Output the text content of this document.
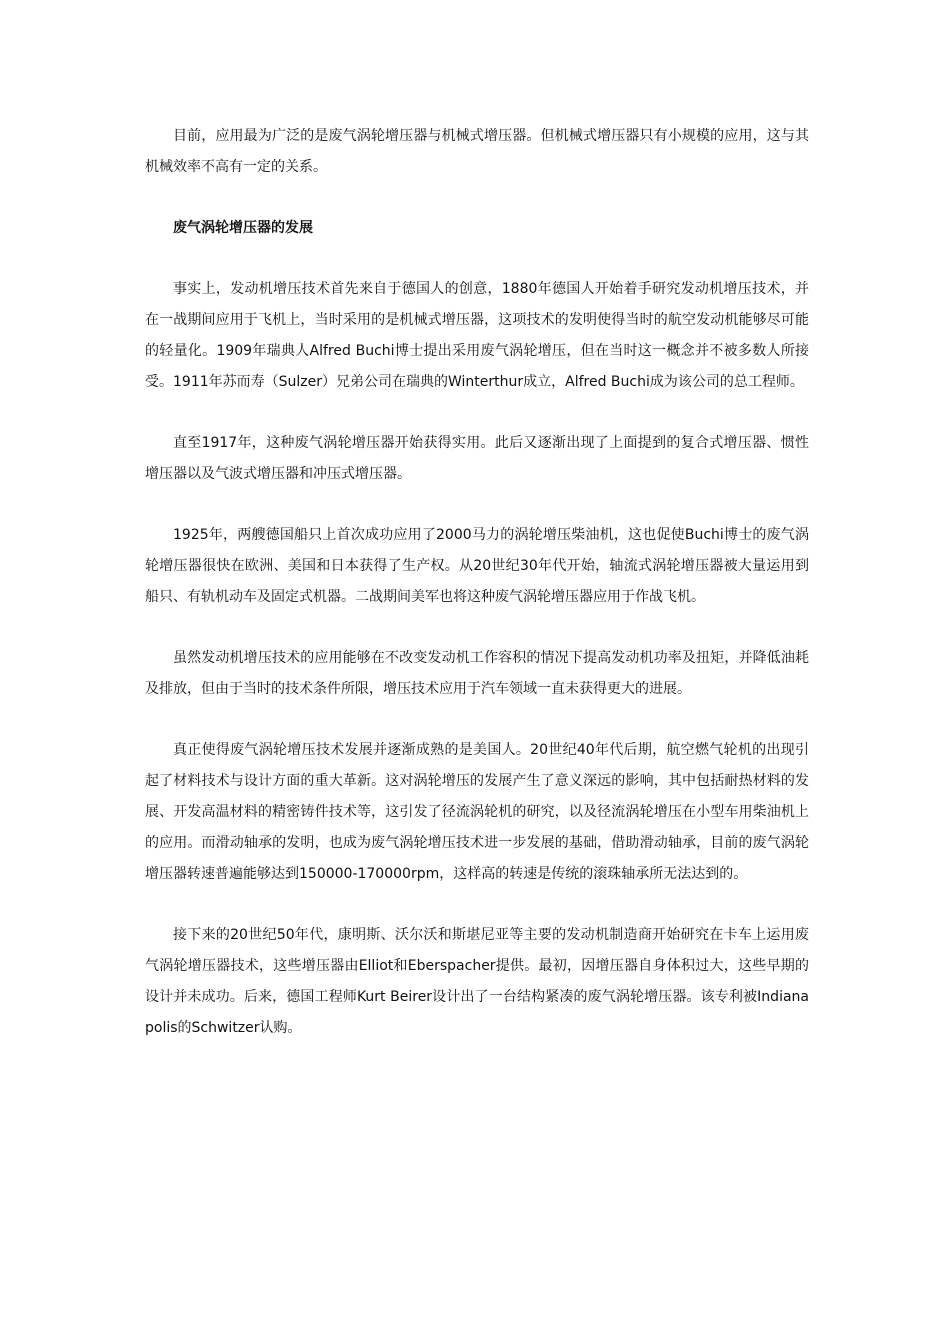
目前，应用最为广泛的是废气涡轮增压器与机械式增压器。但机械式增压器只有小规模的应用，这与其机械效率不高有一定的关系。

废气涡轮增压器的发展

事实上，发动机增压技术首先来自于德国人的创意，1880年德国人开始着手研究发动机增压技术，并在一战期间应用于飞机上，当时采用的是机械式增压器，这项技术的发明使得当时的航空发动机能够尽可能的轻量化。1909年瑞典人Alfred Buchi博士提出采用废气涡轮增压，但在当时这一概念并不被多数人所接受。1911年苏而寿（Sulzer）兄弟公司在瑞典的Winterthur成立，Alfred Buchi成为该公司的总工程师。

直至1917年，这种废气涡轮增压器开始获得实用。此后又逐渐出现了上面提到的复合式增压器、惯性增压器以及气波式增压器和冲压式增压器。

1925年，两艘德国船只上首次成功应用了2000马力的涡轮增压柴油机，这也促使Buchi博士的废气涡轮增压器很快在欧洲、美国和日本获得了生产权。从20世纪30年代开始，轴流式涡轮增压器被大量运用到船只、有轨机动车及固定式机器。二战期间美军也将这种废气涡轮增压器应用于作战飞机。

虽然发动机增压技术的应用能够在不改变发动机工作容积的情况下提高发动机功率及扭矩，并降低油耗及排放，但由于当时的技术条件所限，增压技术应用于汽车领域一直未获得更大的进展。

真正使得废气涡轮增压技术发展并逐渐成熟的是美国人。20世纪40年代后期，航空燃气轮机的出现引起了材料技术与设计方面的重大革新。这对涡轮增压的发展产生了意义深远的影响，其中包括耐热材料的发展、开发高温材料的精密铸件技术等，这引发了径流涡轮机的研究，以及径流涡轮增压在小型车用柴油机上的应用。而滑动轴承的发明，也成为废气涡轮增压技术进一步发展的基础，借助滑动轴承，目前的废气涡轮增压器转速普遍能够达到150000-170000rpm，这样高的转速是传统的滚珠轴承所无法达到的。

接下来的20世纪50年代，康明斯、沃尔沃和斯堪尼亚等主要的发动机制造商开始研究在卡车上运用废气涡轮增压器技术，这些增压器由Elliot和Eberspacher提供。最初，因增压器自身体积过大，这些早期的设计并未成功。后来，德国工程师Kurt Beirer设计出了一台结构紧凑的废气涡轮增压器。该专利被Indianapolis的Schwitzer认购。
